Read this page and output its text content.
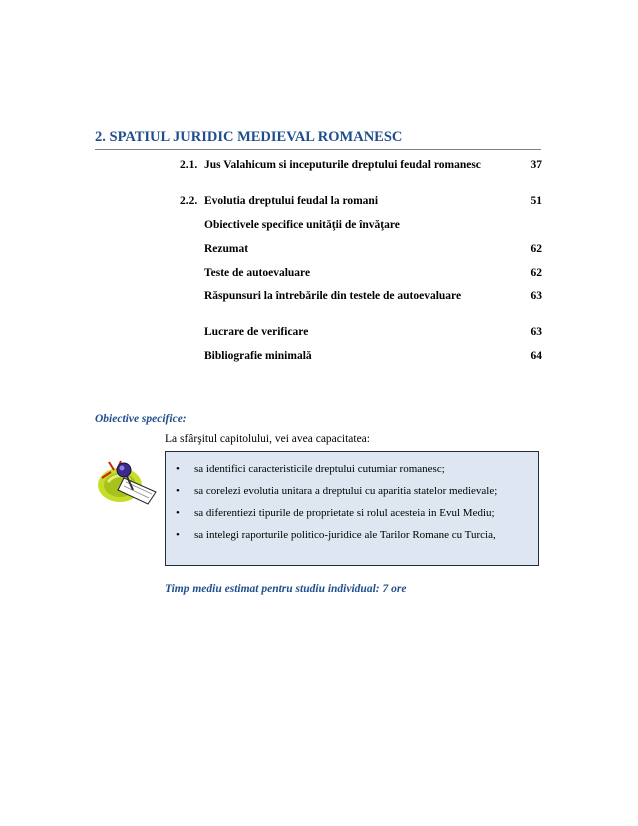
2. SPATIUL JURIDIC MEDIEVAL ROMANESC
2.1. Jus Valahicum si inceputurile dreptului feudal romanesc	37
2.2. Evolutia dreptului feudal la romani	51
Obiectivele specifice unităţii de învăţare
Rezumat	62
Teste de autoevaluare	62
Răspunsuri la întrebările din testele de autoevaluare	63
Lucrare de verificare	63
Bibliografie minimală	64
Obiective specifice:
La sfârşitul capitolului, vei avea capacitatea:
• sa identifici caracteristicile dreptului cutumiar romanesc;
• sa corelezi evolutia unitara a dreptului cu aparitia statelor medievale;
• sa diferentiezi tipurile de proprietate si rolul acesteia in Evul Mediu;
• sa intelegi raporturile politico-juridice ale Tarilor Romane cu Turcia,
Timp mediu estimat pentru studiu individual: 7 ore
